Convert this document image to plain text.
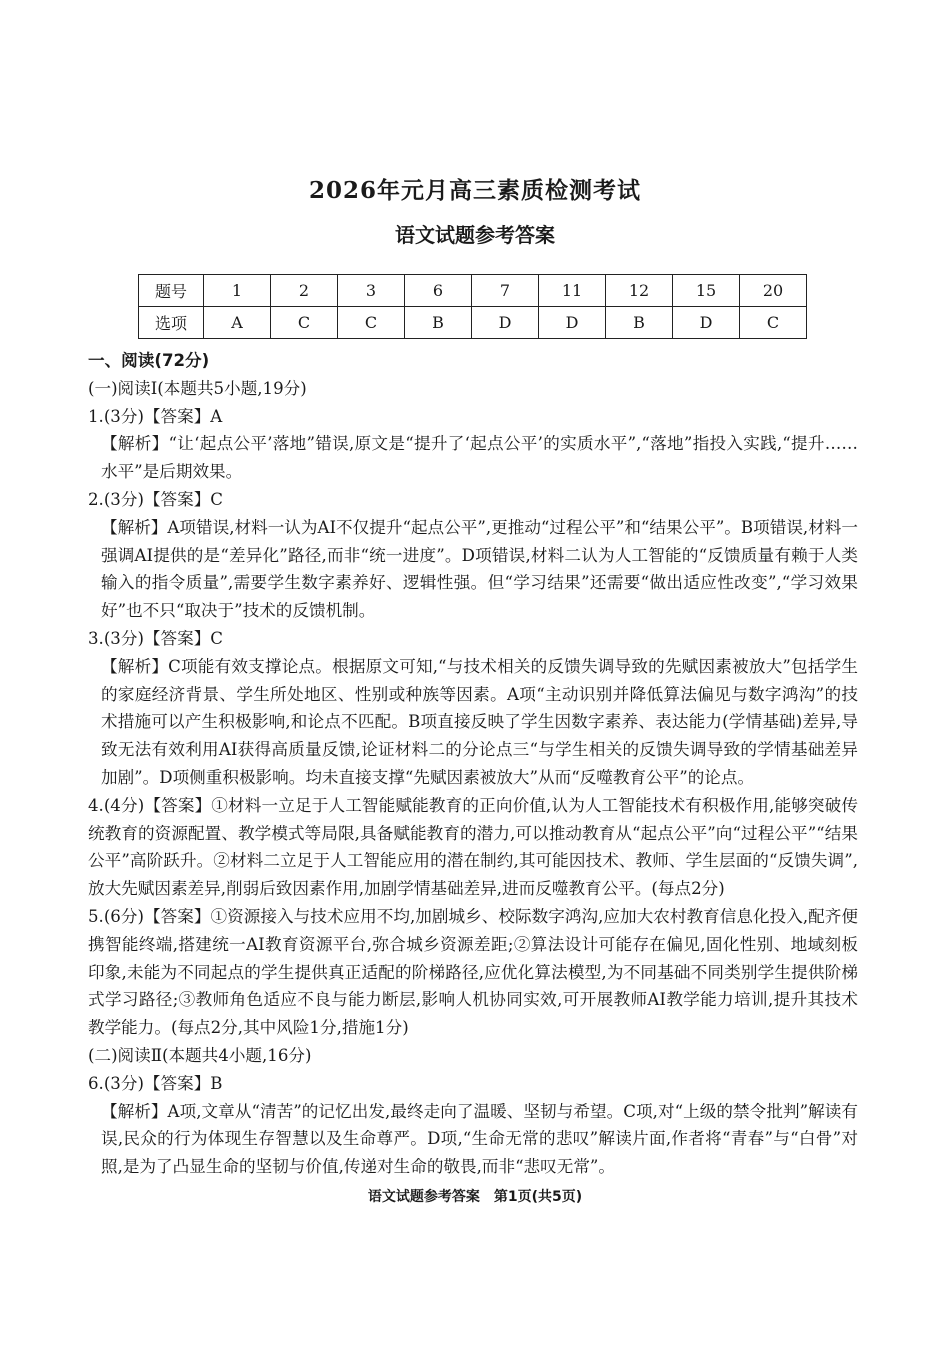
2026年元月高三素质检测考试
语文试题参考答案
题号	1	2	3	6	7	11	12	15	20
选项	A	C	C	B	D	D	B	D	C

一、阅读(72分)

(一)阅读Ⅰ(本题共5小题,19分)

1.(3分)【答案】A

【解析】“让‘起点公平’落地”错误,原文是“提升了‘起点公平’的实质水平”,“落地”指投入实践,“提升……水平”是后期效果。

2.(3分)【答案】C

【解析】A项错误,材料一认为AI不仅提升“起点公平”,更推动“过程公平”和“结果公平”。B项错误,材料一强调AI提供的是“差异化”路径,而非“统一进度”。D项错误,材料二认为人工智能的“反馈质量有赖于人类输入的指令质量”,需要学生数字素养好、逻辑性强。但“学习结果”还需要“做出适应性改变”,“学习效果好”也不只“取决于”技术的反馈机制。

3.(3分)【答案】C

【解析】C项能有效支撑论点。根据原文可知,“与技术相关的反馈失调导致的先赋因素被放大”包括学生的家庭经济背景、学生所处地区、性别或种族等因素。A项“主动识别并降低算法偏见与数字鸿沟”的技术措施可以产生积极影响,和论点不匹配。B项直接反映了学生因数字素养、表达能力(学情基础)差异,导致无法有效利用AI获得高质量反馈,论证材料二的分论点三“与学生相关的反馈失调导致的学情基础差异加剧”。D项侧重积极影响。均未直接支撑“先赋因素被放大”从而“反噬教育公平”的论点。

4.(4分)【答案】①材料一立足于人工智能赋能教育的正向价值,认为人工智能技术有积极作用,能够突破传统教育的资源配置、教学模式等局限,具备赋能教育的潜力,可以推动教育从“起点公平”向“过程公平”“结果公平”高阶跃升。②材料二立足于人工智能应用的潜在制约,其可能因技术、教师、学生层面的“反馈失调”,放大先赋因素差异,削弱后致因素作用,加剧学情基础差异,进而反噬教育公平。(每点2分)

5.(6分)【答案】①资源接入与技术应用不均,加剧城乡、校际数字鸿沟,应加大农村教育信息化投入,配齐便携智能终端,搭建统一AI教育资源平台,弥合城乡资源差距;②算法设计可能存在偏见,固化性别、地域刻板印象,未能为不同起点的学生提供真正适配的阶梯路径,应优化算法模型,为不同基础不同类别学生提供阶梯式学习路径;③教师角色适应不良与能力断层,影响人机协同实效,可开展教师AI教学能力培训,提升其技术教学能力。(每点2分,其中风险1分,措施1分)

(二)阅读Ⅱ(本题共4小题,16分)

6.(3分)【答案】B

【解析】A项,文章从“清苦”的记忆出发,最终走向了温暖、坚韧与希望。C项,对“上级的禁令批判”解读有误,民众的行为体现生存智慧以及生命尊严。D项,“生命无常的悲叹”解读片面,作者将“青春”与“白骨”对照,是为了凸显生命的坚韧与价值,传递对生命的敬畏,而非“悲叹无常”。

语文试题参考答案　第1页(共5页)
